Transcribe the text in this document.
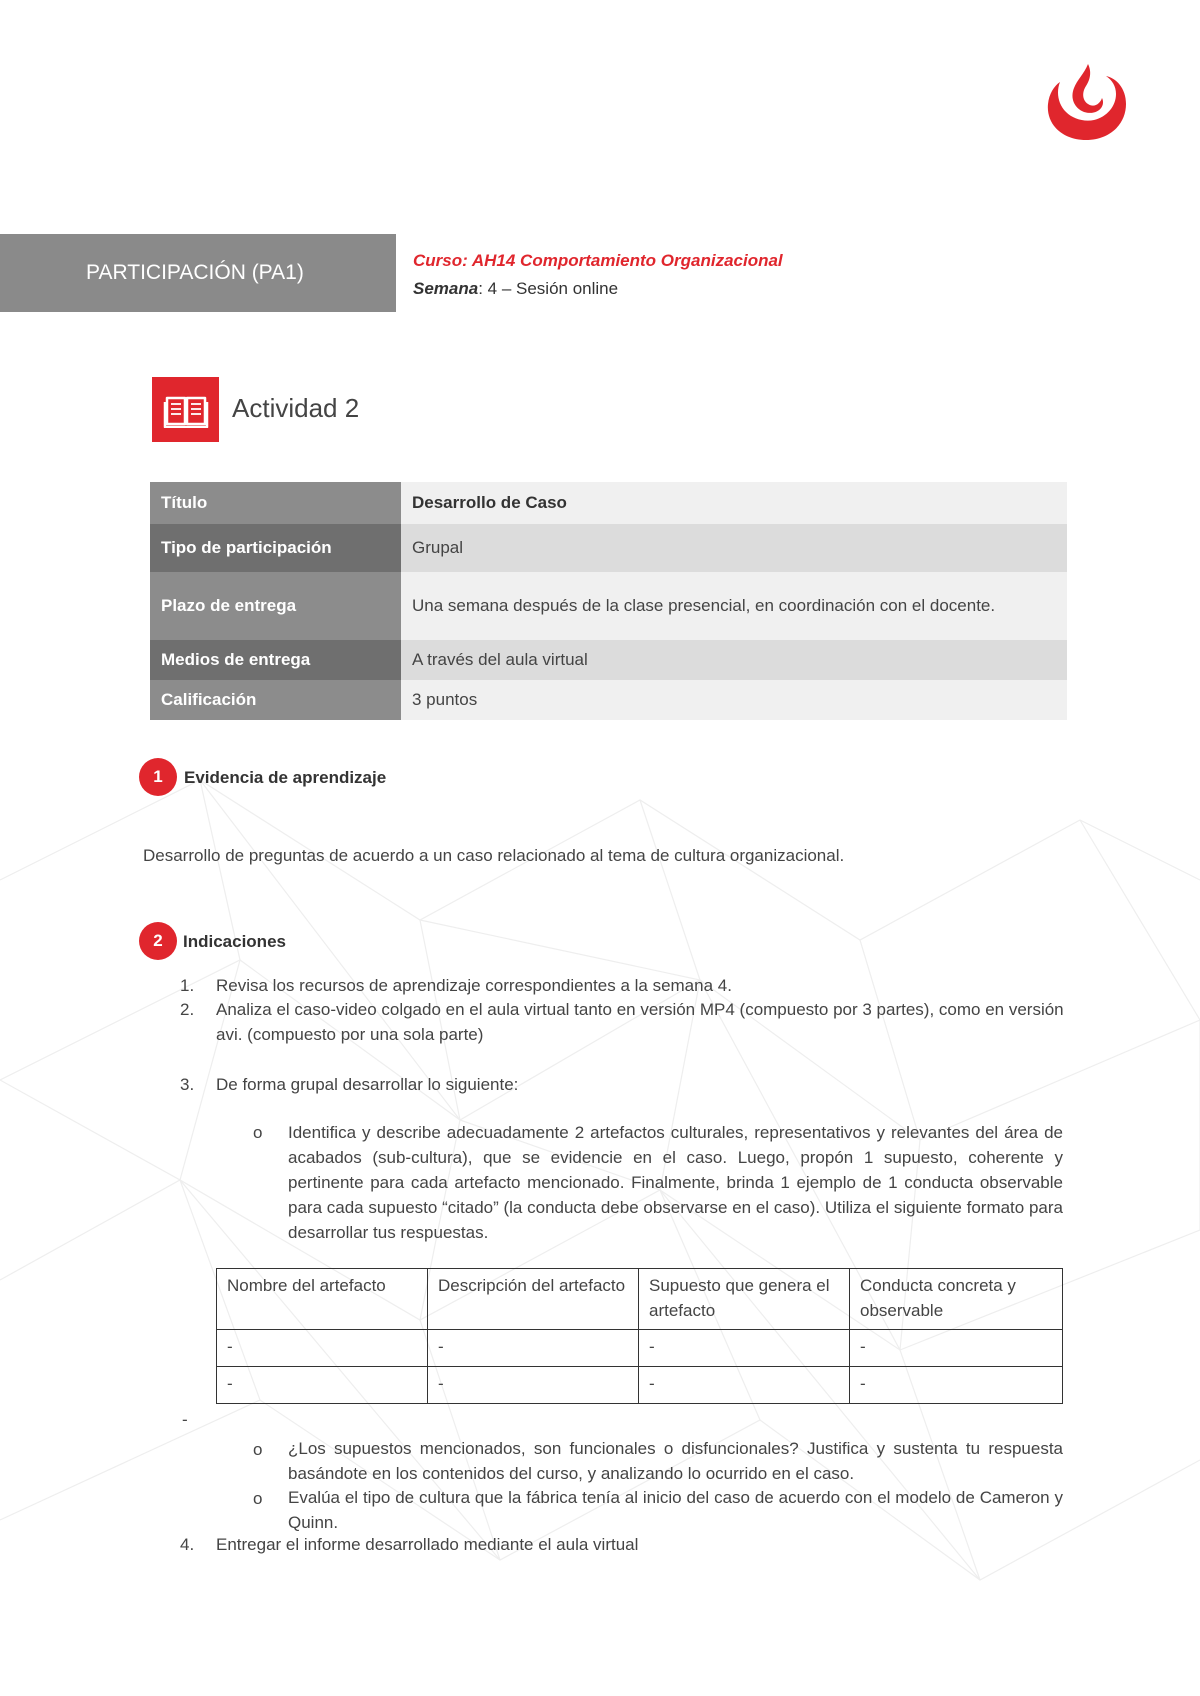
PARTICIPACIÓN (PA1)
Curso: AH14 Comportamiento Organizacional
Semana: 4 – Sesión online
Actividad 2
Título	Desarrollo de Caso
Tipo de participación	Grupal
Plazo de entrega	Una semana después de la clase presencial, en coordinación con el docente.
Medios de entrega	A través del aula virtual
Calificación	3 puntos
1	Evidencia de aprendizaje
Desarrollo de preguntas de acuerdo a un caso relacionado al tema de cultura organizacional.
2	Indicaciones
1. Revisa los recursos de aprendizaje correspondientes a la semana 4.
2. Analiza el caso-video colgado en el aula virtual tanto en versión MP4 (compuesto por 3 partes), como en versión avi. (compuesto por una sola parte)
3. De forma grupal desarrollar lo siguiente:
4. Entregar el informe desarrollado mediante el aula virtual
o Identifica y describe adecuadamente 2 artefactos culturales, representativos y relevantes del área de acabados (sub-cultura), que se evidencie en el caso. Luego, propón 1 supuesto, coherente y pertinente para cada artefacto mencionado. Finalmente, brinda 1 ejemplo de 1 conducta observable para cada supuesto “citado” (la conducta debe observarse en el caso). Utiliza el siguiente formato para desarrollar tus respuestas.
Nombre del artefacto	Descripción del artefacto	Supuesto que genera el artefacto	Conducta concreta y observable
-	-	-	-
-	-	-	-
-
o ¿Los supuestos mencionados, son funcionales o disfuncionales? Justifica y sustenta tu respuesta basándote en los contenidos del curso, y analizando lo ocurrido en el caso.
o Evalúa el tipo de cultura que la fábrica tenía al inicio del caso de acuerdo con el modelo de Cameron y Quinn.
